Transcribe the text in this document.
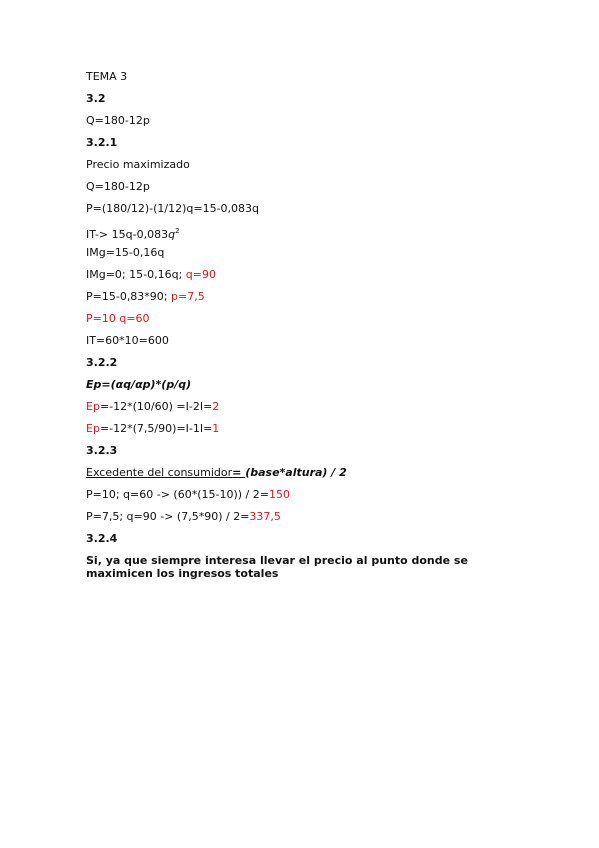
TEMA 3
3.2
Q=180-12p
3.2.1
Precio maximizado
Q=180-12p
P=(180/12)-(1/12)q=15-0,083q
$IT-> 15q-0,083q^2$
IMg=15-0,16q
IMg=0; 15-0,16q; q=90
P=15-0,83*90; p=7,5
P=10 q=60
IT=60*10=600
3.2.2
Ep=(αq/αp)*(p/q)
Ep=-12*(10/60) =I-2I=2
Ep=-12*(7,5/90)=I-1I=1
3.2.3
Excedente del consumidor= (base*altura) / 2
P=10; q=60 -> (60*(15-10)) / 2=150
P=7,5; q=90 -> (7,5*90) / 2=337,5
3.2.4
Si, ya que siempre interesa llevar el precio al punto donde se maximicen los ingresos totales
